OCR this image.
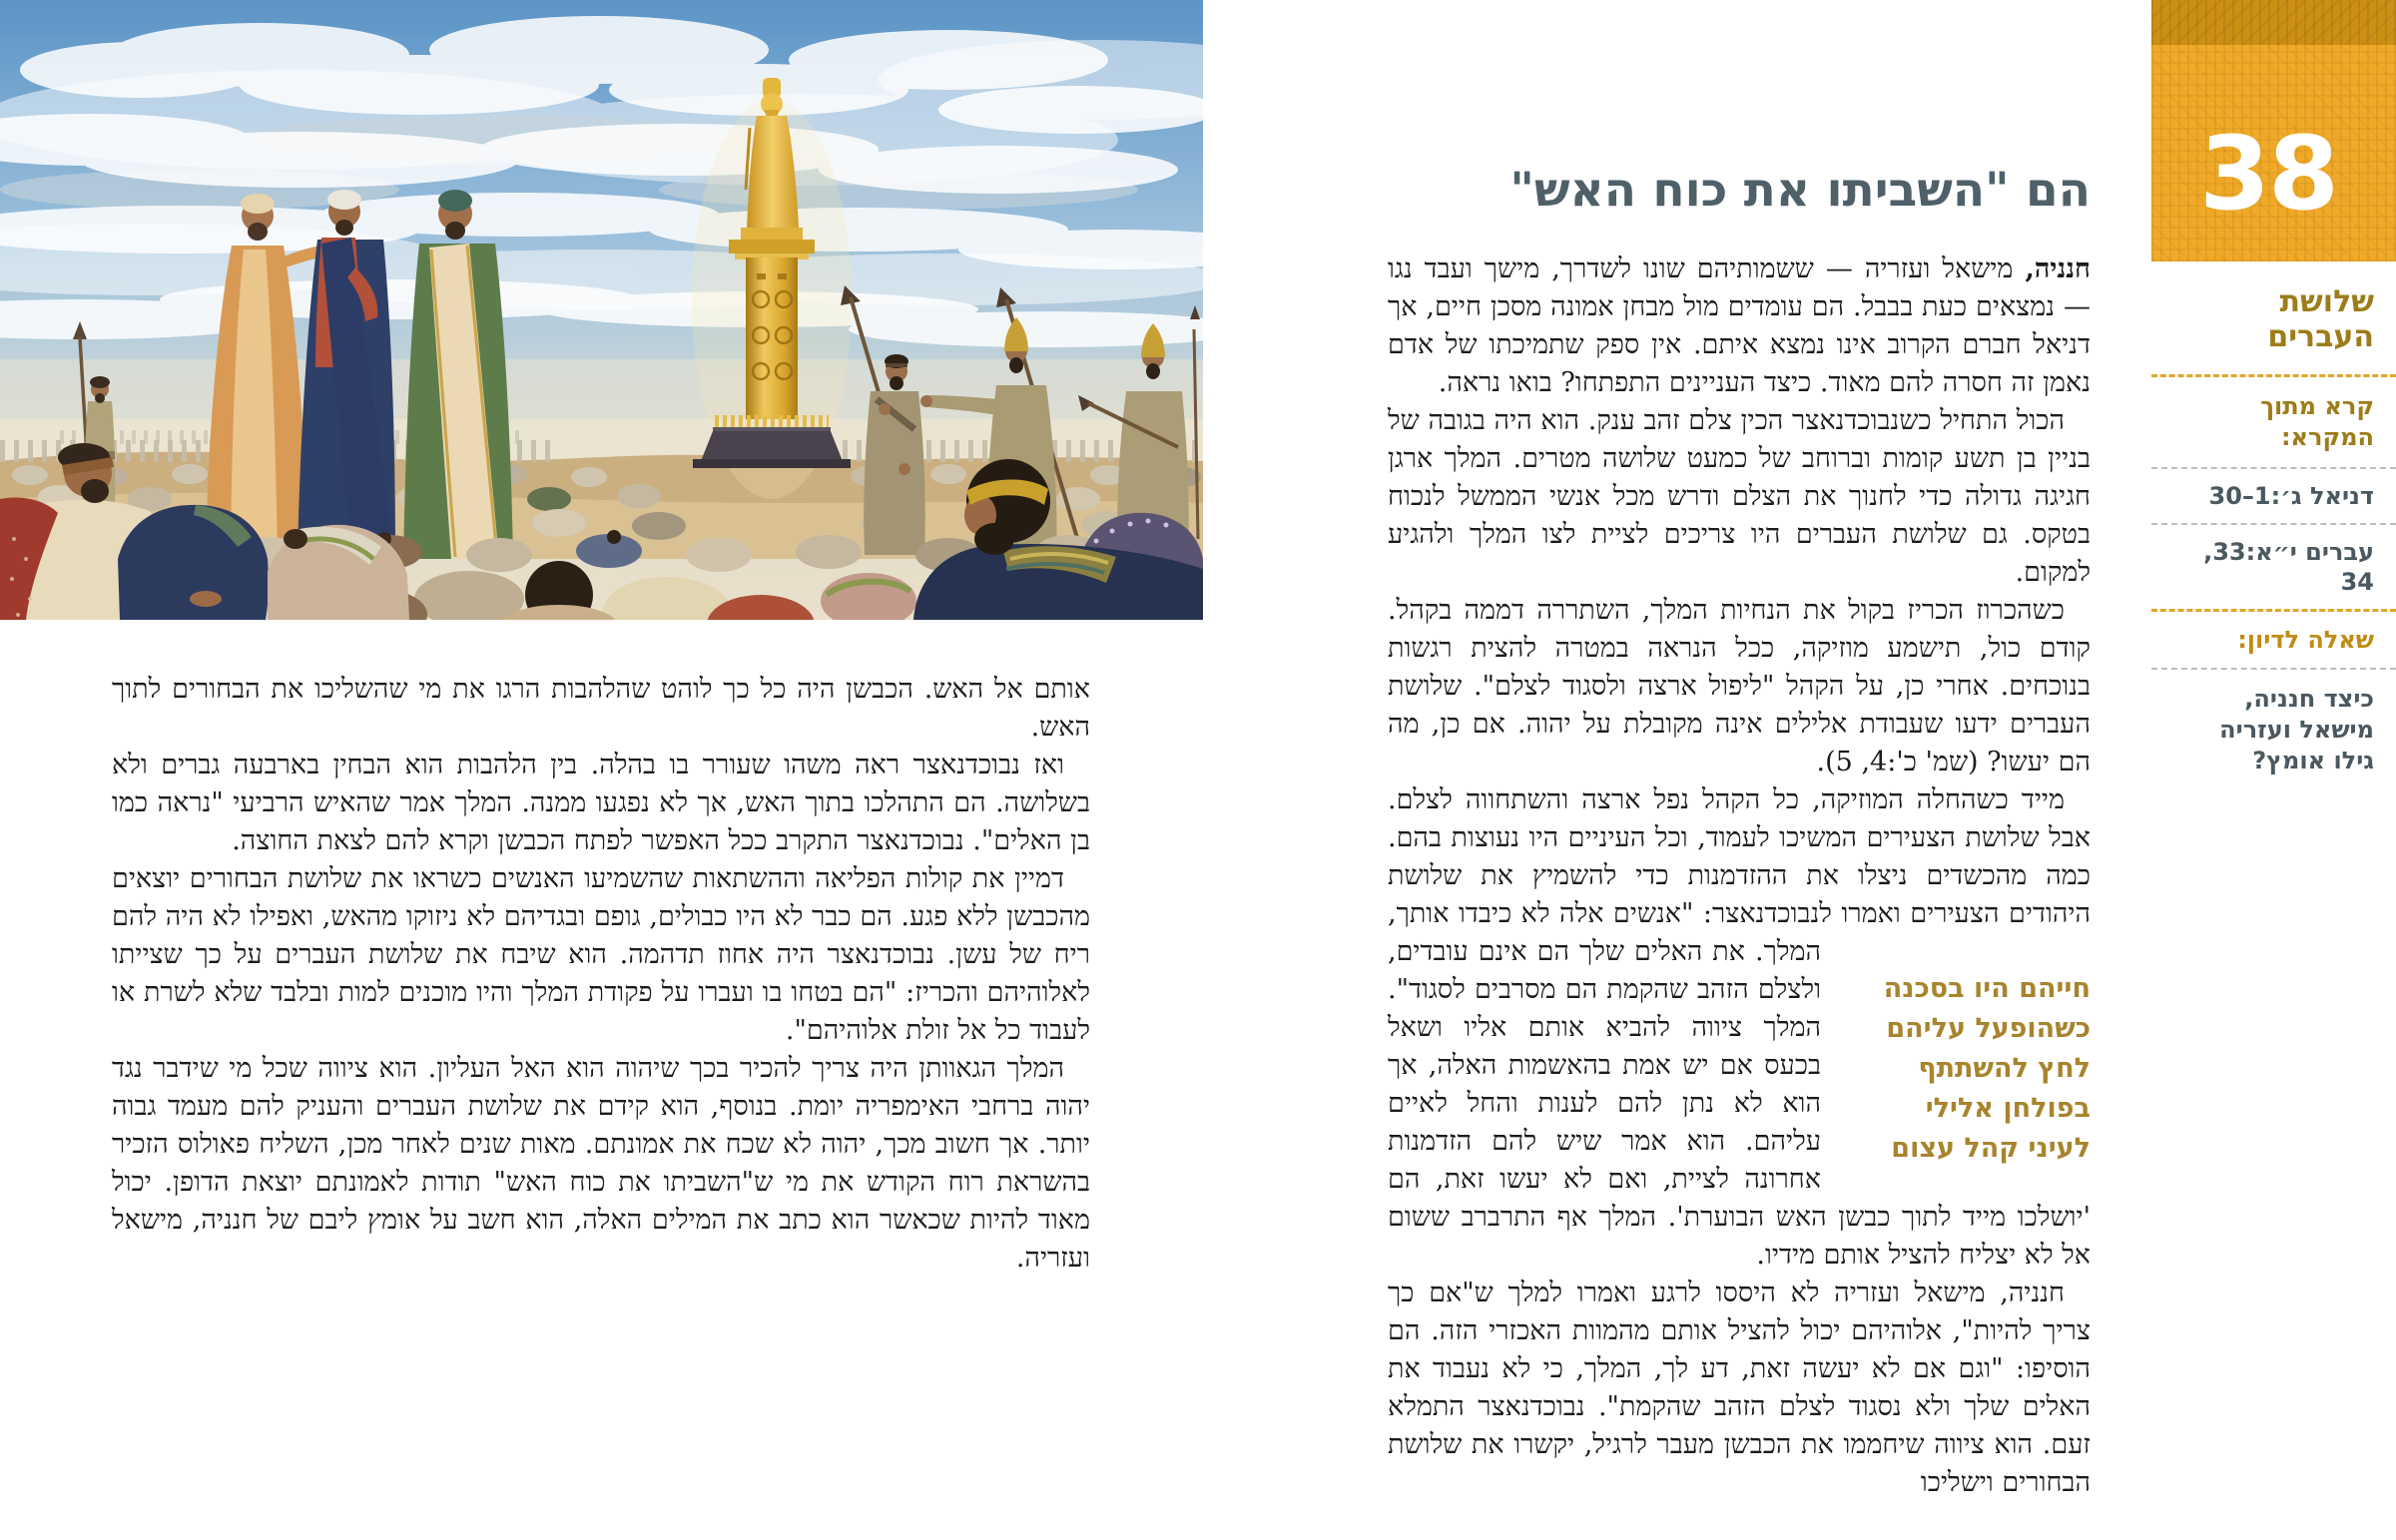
אותם אל האש. הכבשן היה כל כך לוהט שהלהבות הרגו את מי שהשליכו את הבחורים לתוך האש.

ואז נבוכדנאצר ראה משהו שעורר בו בהלה. בין הלהבות הוא הבחין בארבעה גברים ולא בשלושה. הם התהלכו בתוך האש, אך לא נפגעו ממנה. המלך אמר שהאיש הרביעי "נראה כמו בן האלים". נבוכדנאצר התקרב ככל האפשר לפתח הכבשן וקרא להם לצאת החוצה.

דמיין את קולות הפליאה וההשתאות שהשמיעו האנשים כשראו את שלושת הבחורים יוצאים מהכבשן ללא פגע. הם כבר לא היו כבולים, גופם ובגדיהם לא ניזוקו מהאש, ואפילו לא היה להם ריח של עשן. נבוכדנאצר היה אחוז תדהמה. הוא שיבח את שלושת העברים על כך שצייתו לאלוהיהם והכריז: "הם בטחו בו ועברו על פקודת המלך והיו מוכנים למות ובלבד שלא לשרת או לעבוד כל אל זולת אלוהיהם".

המלך הגאוותן היה צריך להכיר בכך שיהוה הוא האל העליון. הוא ציווה שכל מי שידבר נגד יהוה ברחבי האימפריה יומת. בנוסף, הוא קידם את שלושת העברים והעניק להם מעמד גבוה יותר. אך חשוב מכך, יהוה לא שכח את אמונתם. מאות שנים לאחר מכן, השליח פאולוס הזכיר בהשראת רוח הקודש את מי ש"השביתו את כוח האש" תודות לאמונתם יוצאת הדופן. יכול מאוד להיות שכאשר הוא כתב את המילים האלה, הוא חשב על אומץ ליבם של חנניה, מישאל ועזריה.

הם "השביתו את כוח האש"

חנניה, מישאל ועזריה — ששמותיהם שונו לשדרך, מישך ועבד נגו — נמצאים כעת בבבל. הם עומדים מול מבחן אמונה מסכן חיים, אך דניאל חברם הקרוב אינו נמצא איתם. אין ספק שתמיכתו של אדם נאמן זה חסרה להם מאוד. כיצד העניינים התפתחו? בואו נראה.

הכול התחיל כשנבוכדנאצר הכין צלם זהב ענק. הוא היה בגובה של בניין בן תשע קומות וברוחב של כמעט שלושה מטרים. המלך ארגן חגיגה גדולה כדי לחנוך את הצלם ודרש מכל אנשי הממשל לנכוח בטקס. גם שלושת העברים היו צריכים לציית לצו המלך ולהגיע למקום.

כשהכרוז הכריז בקול את הנחיות המלך, השתררה דממה בקהל. קודם כול, תישמע מוזיקה, ככל הנראה במטרה להצית רגשות בנוכחים. אחרי כן, על הקהל "ליפול ארצה ולסגוד לצלם". שלושת העברים ידעו שעבודת אלילים אינה מקובלת על יהוה. אם כן, מה הם יעשו? (שמ' כ':4, 5).

מייד כשהחלה המוזיקה, כל הקהל נפל ארצה והשתחווה לצלם. אבל שלושת הצעירים המשיכו לעמוד, וכל העיניים היו נעוצות בהם. כמה מהכשדים ניצלו את ההזדמנות כדי להשמיץ את שלושת היהודים הצעירים ואמרו לנבוכדנאצר: "אנשים אלה לא כיבדו אותך, המלך.
חייהם היו בסכנה כשהופעל עליהם לחץ להשתתף בפולחן אלילי לעיני קהל עצום
את האלים שלך הם אינם עובדים, ולצלם הזהב שהקמת הם מסרבים לסגוד". המלך ציווה להביא אותם אליו ושאל בכעס אם יש אמת בהאשמות האלה, אך הוא לא נתן להם לענות והחל לאיים עליהם. הוא אמר שיש להם הזדמנות אחרונה לציית, ואם לא יעשו זאת, הם 'יושלכו מייד לתוך כבשן האש הבוערת'. המלך אף התרברב ששום אל לא יצליח להציל אותם מידיו.

חנניה, מישאל ועזריה לא היססו לרגע ואמרו למלך ש"אם כך צריך להיות", אלוהיהם יכול להציל אותם מהמוות האכזרי הזה. הם הוסיפו: "וגם אם לא יעשה זאת, דע לך, המלך, כי לא נעבוד את האלים שלך ולא נסגוד לצלם הזהב שהקמת". נבוכדנאצר התמלא זעם. הוא ציווה שיחממו את הכבשן מעבר לרגיל, יקשרו את שלושת הבחורים וישליכו

38
שלושת העברים
קרא מתוך המקרא:
דניאל ג׳:1–30
עברים י״א:33, 34
שאלה לדיון:
כיצד חנניה, מישאל ועזריה גילו אומץ?
